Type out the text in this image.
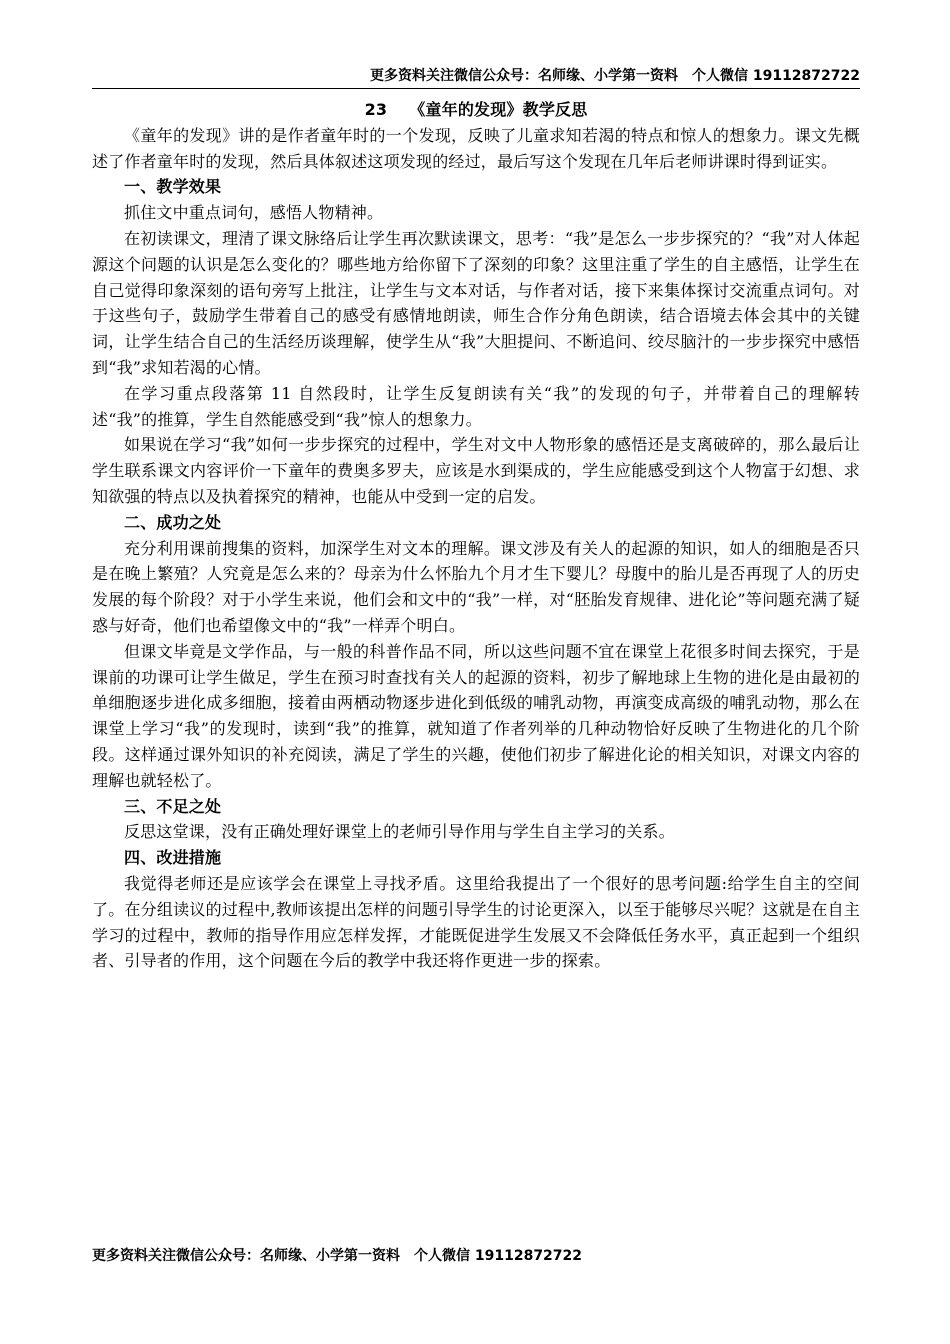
更多资料关注微信公众号：名师缘、小学第一资料　个人微信 19112872722

23 《童年的发现》教学反思

《童年的发现》讲的是作者童年时的一个发现，反映了儿童求知若渴的特点和惊人的想象力。课文先概述了作者童年时的发现，然后具体叙述这项发现的经过，最后写这个发现在几年后老师讲课时得到证实。

一、教学效果

抓住文中重点词句，感悟人物精神。

在初读课文，理清了课文脉络后让学生再次默读课文，思考：“我”是怎么一步步探究的？“我”对人体起源这个问题的认识是怎么变化的？哪些地方给你留下了深刻的印象？这里注重了学生的自主感悟，让学生在自己觉得印象深刻的语句旁写上批注，让学生与文本对话，与作者对话，接下来集体探讨交流重点词句。对于这些句子，鼓励学生带着自己的感受有感情地朗读，师生合作分角色朗读，结合语境去体会其中的关键词，让学生结合自己的生活经历谈理解，使学生从“我”大胆提问、不断追问、绞尽脑汁的一步步探究中感悟到“我”求知若渴的心情。

在学习重点段落第 11 自然段时，让学生反复朗读有关“我”的发现的句子，并带着自己的理解转述“我”的推算，学生自然能感受到“我”惊人的想象力。

如果说在学习“我”如何一步步探究的过程中，学生对文中人物形象的感悟还是支离破碎的，那么最后让学生联系课文内容评价一下童年的费奥多罗夫，应该是水到渠成的，学生应能感受到这个人物富于幻想、求知欲强的特点以及执着探究的精神，也能从中受到一定的启发。

二、成功之处

充分利用课前搜集的资料，加深学生对文本的理解。课文涉及有关人的起源的知识，如人的细胞是否只是在晚上繁殖？人究竟是怎么来的？母亲为什么怀胎九个月才生下婴儿？母腹中的胎儿是否再现了人的历史发展的每个阶段？对于小学生来说，他们会和文中的“我”一样，对“胚胎发育规律、进化论”等问题充满了疑惑与好奇，他们也希望像文中的“我”一样弄个明白。

但课文毕竟是文学作品，与一般的科普作品不同，所以这些问题不宜在课堂上花很多时间去探究，于是课前的功课可让学生做足，学生在预习时查找有关人的起源的资料，初步了解地球上生物的进化是由最初的单细胞逐步进化成多细胞，接着由两栖动物逐步进化到低级的哺乳动物，再演变成高级的哺乳动物，那么在课堂上学习“我”的发现时，读到“我”的推算，就知道了作者列举的几种动物恰好反映了生物进化的几个阶段。这样通过课外知识的补充阅读，满足了学生的兴趣，使他们初步了解进化论的相关知识，对课文内容的理解也就轻松了。

三、不足之处

反思这堂课，没有正确处理好课堂上的老师引导作用与学生自主学习的关系。

四、改进措施

我觉得老师还是应该学会在课堂上寻找矛盾。这里给我提出了一个很好的思考问题:给学生自主的空间了。在分组读议的过程中,教师该提出怎样的问题引导学生的讨论更深入，以至于能够尽兴呢？这就是在自主学习的过程中，教师的指导作用应怎样发挥，才能既促进学生发展又不会降低任务水平，真正起到一个组织者、引导者的作用，这个问题在今后的教学中我还将作更进一步的探索。

更多资料关注微信公众号：名师缘、小学第一资料　个人微信 19112872722
